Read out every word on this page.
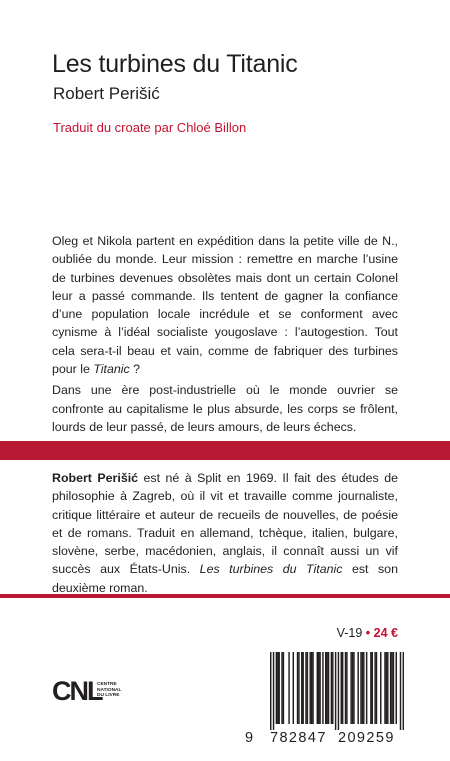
Les turbines du Titanic
Robert Perišić
Traduit du croate par Chloé Billon

Oleg et Nikola partent en expédition dans la petite ville de N., oubliée du monde. Leur mission : remettre en marche l’usine de turbines devenues obsolètes mais dont un certain Colonel leur a passé commande. Ils tentent de gagner la confiance d’une population locale incrédule et se conforment avec cynisme à l’idéal socialiste yougoslave : l’autogestion. Tout cela sera-t-il beau et vain, comme de fabriquer des turbines pour le Titanic ?

Dans une ère post-industrielle où le monde ouvrier se confronte au capitalisme le plus absurde, les corps se frôlent, lourds de leur passé, de leurs amours, de leurs échecs.

Robert Perišić est né à Split en 1969. Il fait des études de philosophie à Zagreb, où il vit et travaille comme journaliste, critique littéraire et auteur de recueils de nouvelles, de poésie et de romans. Traduit en allemand, tchèque, italien, bulgare, slovène, serbe, macédonien, anglais, il connaît aussi un vif succès aux États-Unis. Les turbines du Titanic est son deuxième roman.
V-19 • 24 €
CNL
CENTRE
NATIONAL
DU LIVRE
9 782847 209259
